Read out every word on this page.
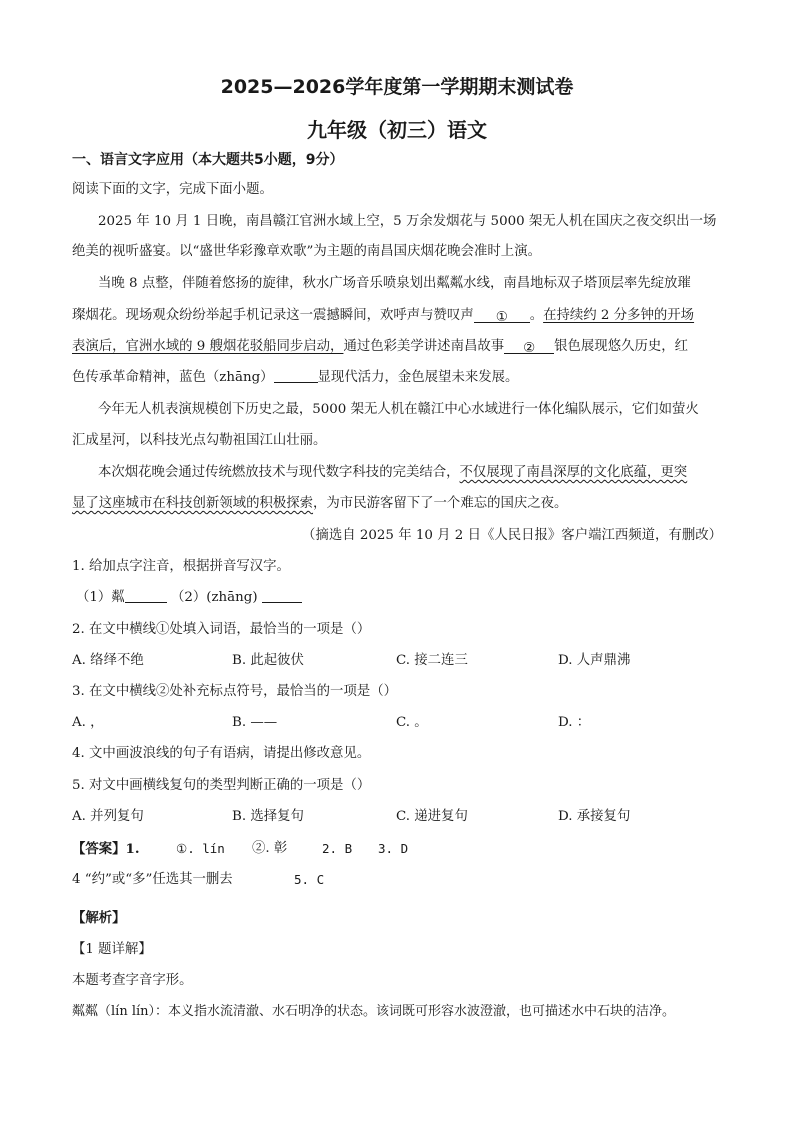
2025—2026学年度第一学期期末测试卷
九年级（初三）语文
一、语言文字应用（本大题共5小题，9分）
阅读下面的文字，完成下面小题。
2025 年 10 月 1 日晚，南昌赣江官洲水域上空，5 万余发烟花与 5000 架无人机在国庆之夜交织出一场
绝美的视听盛宴。以“盛世华彩豫章欢歌”为主题的南昌国庆烟花晚会准时上演。
当晚 8 点整，伴随着悠扬的旋律，秋水广场音乐喷泉划出粼粼水线，南昌地标双子塔顶层率先绽放璀
璨烟花。现场观众纷纷举起手机记录这一震撼瞬间，欢呼声与赞叹声 ① 。在持续约 2 分多钟的开场
表演后，官洲水域的 9 艘烟花驳船同步启动，通过色彩美学讲述南昌故事 ② 银色展现悠久历史，红
色传承革命精神，蓝色（zhāng）	显现代活力，金色展望未来发展。
今年无人机表演规模创下历史之最，5000 架无人机在赣江中心水域进行一体化编队展示，它们如萤火
汇成星河，以科技光点勾勒祖国江山壮丽。
本次烟花晚会通过传统燃放技术与现代数字科技的完美结合，不仅展现了南昌深厚的文化底蕴，更突
显了这座城市在科技创新领域的积极探索，为市民游客留下了一个难忘的国庆之夜。
（摘选自 2025 年 10 月 2 日《人民日报》客户端江西频道，有删改）
1. 给加点字注音，根据拼音写汉字。
（1）粼	（2）(zhāng)
2. 在文中横线①处填入词语，最恰当的一项是（）
A. 络绎不绝	B. 此起彼伏	C. 接二连三	D. 人声鼎沸
3. 在文中横线②处补充标点符号，最恰当的一项是（）
A. ，	B. ——	C. 。	D. ：
4. 文中画波浪线的句子有语病，请提出修改意见。
5. 对文中画横线复句的类型判断正确的一项是（）
A. 并列复句	B. 选择复句	C. 递进复句	D. 承接复句
【答案】1.	①. lín ②. 彰	2. B 3. D
4 “约”或“多”任选其一删去	5. C
【解析】
【1 题详解】
本题考查字音字形。
粼粼（lín lín）：本义指水流清澈、水石明净的状态。该词既可形容水波澄澈，也可描述水中石块的洁净。
